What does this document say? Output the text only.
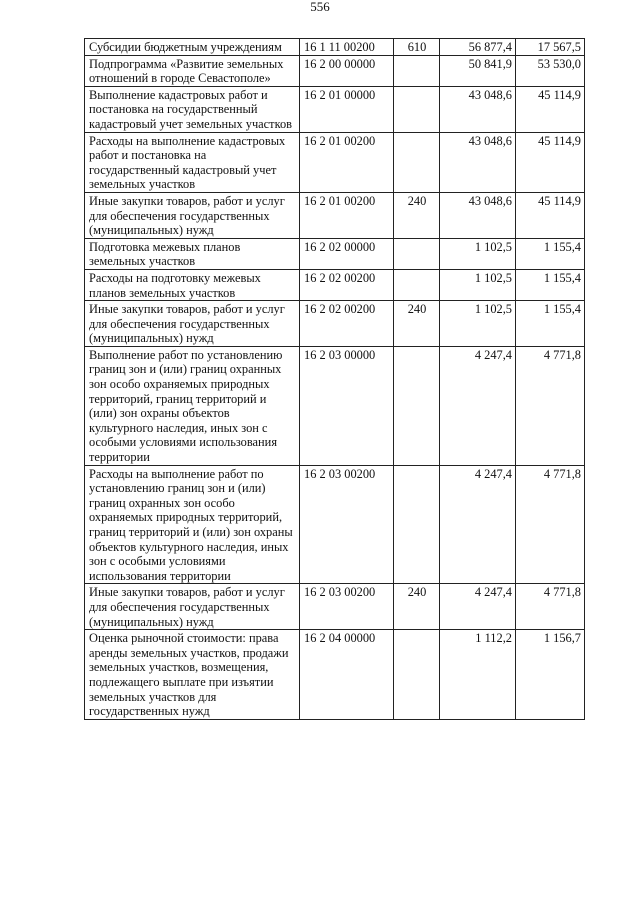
556
Субсидии бюджетным учреждениям	16 1 11 00200	610	56 877,4	17 567,5
Подпрограмма «Развитие земельных отношений в городе Севастополе»	16 2 00 00000		50 841,9	53 530,0
Выполнение кадастровых работ и постановка на государственный кадастровый учет земельных участков	16 2 01 00000		43 048,6	45 114,9
Расходы на выполнение кадастровых работ и постановка на государственный кадастровый учет земельных участков	16 2 01 00200		43 048,6	45 114,9
Иные закупки товаров, работ и услуг для обеспечения государственных (муниципальных) нужд	16 2 01 00200	240	43 048,6	45 114,9
Подготовка межевых планов земельных участков	16 2 02 00000		1 102,5	1 155,4
Расходы на подготовку межевых планов земельных участков	16 2 02 00200		1 102,5	1 155,4
Иные закупки товаров, работ и услуг для обеспечения государственных (муниципальных) нужд	16 2 02 00200	240	1 102,5	1 155,4
Выполнение работ по установлению границ зон и (или) границ охранных зон особо охраняемых природных территорий, границ территорий и (или) зон охраны объектов культурного наследия, иных зон с особыми условиями использования территории	16 2 03 00000		4 247,4	4 771,8
Расходы на выполнение работ по установлению границ зон и (или) границ охранных зон особо охраняемых природных территорий, границ территорий и (или) зон охраны объектов культурного наследия, иных зон с особыми условиями использования территории	16 2 03 00200		4 247,4	4 771,8
Иные закупки товаров, работ и услуг для обеспечения государственных (муниципальных) нужд	16 2 03 00200	240	4 247,4	4 771,8
Оценка рыночной стоимости: права аренды земельных участков, продажи земельных участков, возмещения, подлежащего выплате при изъятии земельных участков для государственных нужд	16 2 04 00000		1 112,2	1 156,7
